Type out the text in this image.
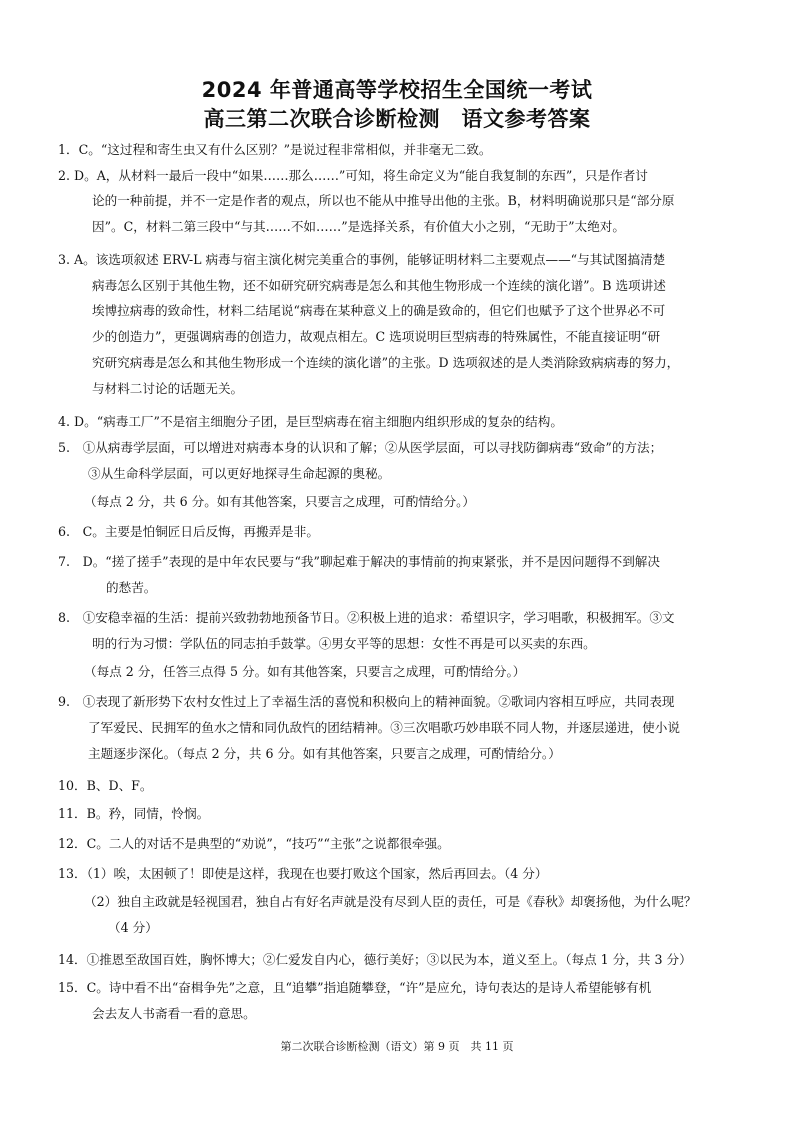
2024 年普通高等学校招生全国统一考试
高三第二次联合诊断检测　语文参考答案
1．C。“这过程和寄生虫又有什么区别？”是说过程非常相似，并非毫无二致。
2. D。A，从材料一最后一段中“如果……那么……”可知，将生命定义为“能自我复制的东西”，只是作者讨
论的一种前提，并不一定是作者的观点，所以也不能从中推导出他的主张。B，材料明确说那只是“部分原
因”。C，材料二第三段中“与其……不如……”是选择关系，有价值大小之别，“无助于”太绝对。
3. A。该选项叙述 ERV-L 病毒与宿主演化树完美重合的事例，能够证明材料二主要观点——“与其试图搞清楚
病毒怎么区别于其他生物，还不如研究研究病毒是怎么和其他生物形成一个连续的演化谱”。B 选项讲述
埃博拉病毒的致命性，材料二结尾说“病毒在某种意义上的确是致命的，但它们也赋予了这个世界必不可
少的创造力”，更强调病毒的创造力，故观点相左。C 选项说明巨型病毒的特殊属性，不能直接证明“研
究研究病毒是怎么和其他生物形成一个连续的演化谱”的主张。D 选项叙述的是人类消除致病病毒的努力，
与材料二讨论的话题无关。
4. D。“病毒工厂”不是宿主细胞分子团，是巨型病毒在宿主细胞内组织形成的复杂的结构。
5.　①从病毒学层面，可以增进对病毒本身的认识和了解；②从医学层面，可以寻找防御病毒“致命”的方法；
③从生命科学层面，可以更好地探寻生命起源的奥秘。
（每点 2 分，共 6 分。如有其他答案，只要言之成理，可酌情给分。）
6.　C。主要是怕铜匠日后反悔，再搬弄是非。
7.　D。“搓了搓手”表现的是中年农民要与“我”聊起难于解决的事情前的拘束紧张，并不是因问题得不到解决
的愁苦。
8.　①安稳幸福的生活：提前兴致勃勃地预备节日。②积极上进的追求：希望识字，学习唱歌，积极拥军。③文
明的行为习惯：学队伍的同志拍手鼓掌。④男女平等的思想：女性不再是可以买卖的东西。
（每点 2 分，任答三点得 5 分。如有其他答案，只要言之成理，可酌情给分。）
9.　①表现了新形势下农村女性过上了幸福生活的喜悦和积极向上的精神面貌。②歌词内容相互呼应，共同表现
了军爱民、民拥军的鱼水之情和同仇敌忾的团结精神。③三次唱歌巧妙串联不同人物，并逐层递进，使小说
主题逐步深化。（每点 2 分，共 6 分。如有其他答案，只要言之成理，可酌情给分。）
10．B、D、F。
11．B。矜，同情，怜悯。
12．C。二人的对话不是典型的“劝说”，“技巧”“主张”之说都很牵强。
13．（1）唉，太困顿了！即使是这样，我现在也要打败这个国家，然后再回去。（4 分）
（2）独自主政就是轻视国君，独自占有好名声就是没有尽到人臣的责任，可是《春秋》却褒扬他，为什么呢？
（4 分）
14．①推恩至敌国百姓，胸怀博大；②仁爱发自内心，德行美好；③以民为本，道义至上。（每点 1 分，共 3 分）
15．C。诗中看不出“奋楫争先”之意，且“追攀”指追随攀登，“许”是应允，诗句表达的是诗人希望能够有机
会去友人书斋看一看的意思。
第二次联合诊断检测（语文）第 9 页　共 11 页
